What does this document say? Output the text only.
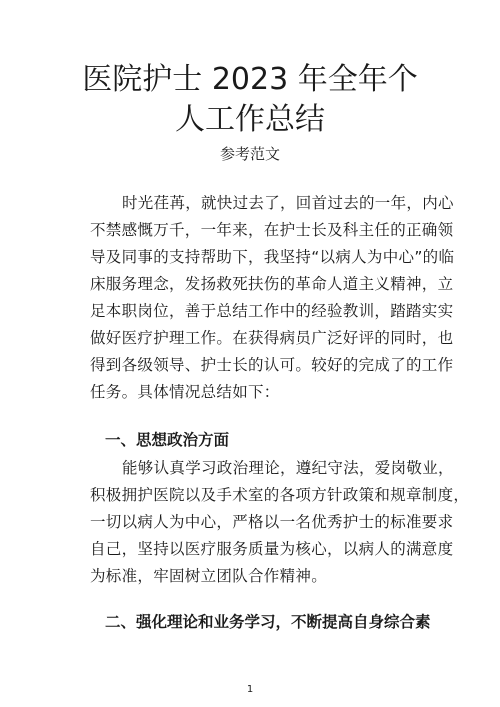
医院护士 2023 年全年个
人工作总结
参考范文
时光荏苒，就快过去了，回首过去的一年，内心
不禁感慨万千，一年来，在护士长及科主任的正确领
导及同事的支持帮助下，我坚持“以病人为中心”的临
床服务理念，发扬救死扶伤的革命人道主义精神，立
足本职岗位，善于总结工作中的经验教训，踏踏实实
做好医疗护理工作。在获得病员广泛好评的同时，也
得到各级领导、护士长的认可。较好的完成了的工作
任务。具体情况总结如下：
一、思想政治方面
能够认真学习政治理论，遵纪守法，爱岗敬业，
积极拥护医院以及手术室的各项方针政策和规章制度，
一切以病人为中心，严格以一名优秀护士的标准要求
自己，坚持以医疗服务质量为核心，以病人的满意度
为标准，牢固树立团队合作精神。
二、强化理论和业务学习，不断提高自身综合素
1
